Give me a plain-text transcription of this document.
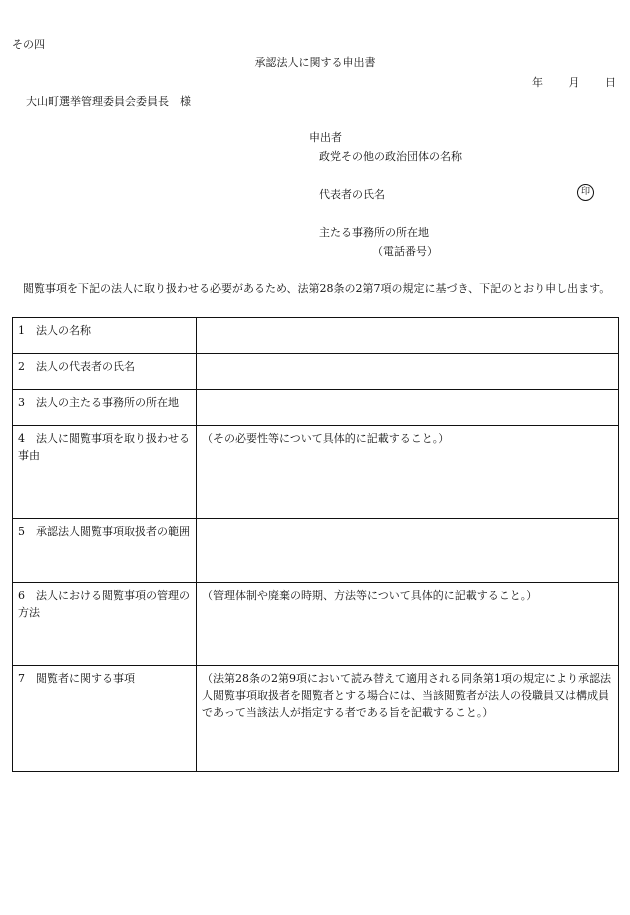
その四
承認法人に関する申出書
年 月 日
大山町選挙管理委員会委員長　様
申出者
政党その他の政治団体の名称
代表者の氏名	印
主たる事務所の所在地
（電話番号）
閲覧事項を下記の法人に取り扱わせる必要があるため、法第28条の2第7項の規定に基づき、下記のとおり申し出ます。
1 法人の名称	
2 法人の代表者の氏名	
3 法人の主たる事務所の所在地	
4 法人に閲覧事項を取り扱わせる事由	（その必要性等について具体的に記載すること。）
5 承認法人閲覧事項取扱者の範囲	
6 法人における閲覧事項の管理の方法	（管理体制や廃棄の時期、方法等について具体的に記載すること。）
7 閲覧者に関する事項	（法第28条の2第9項において読み替えて適用される同条第1項の規定により承認法人閲覧事項取扱者を閲覧者とする場合には、当該閲覧者が法人の役職員又は構成員であって当該法人が指定する者である旨を記載すること。）
